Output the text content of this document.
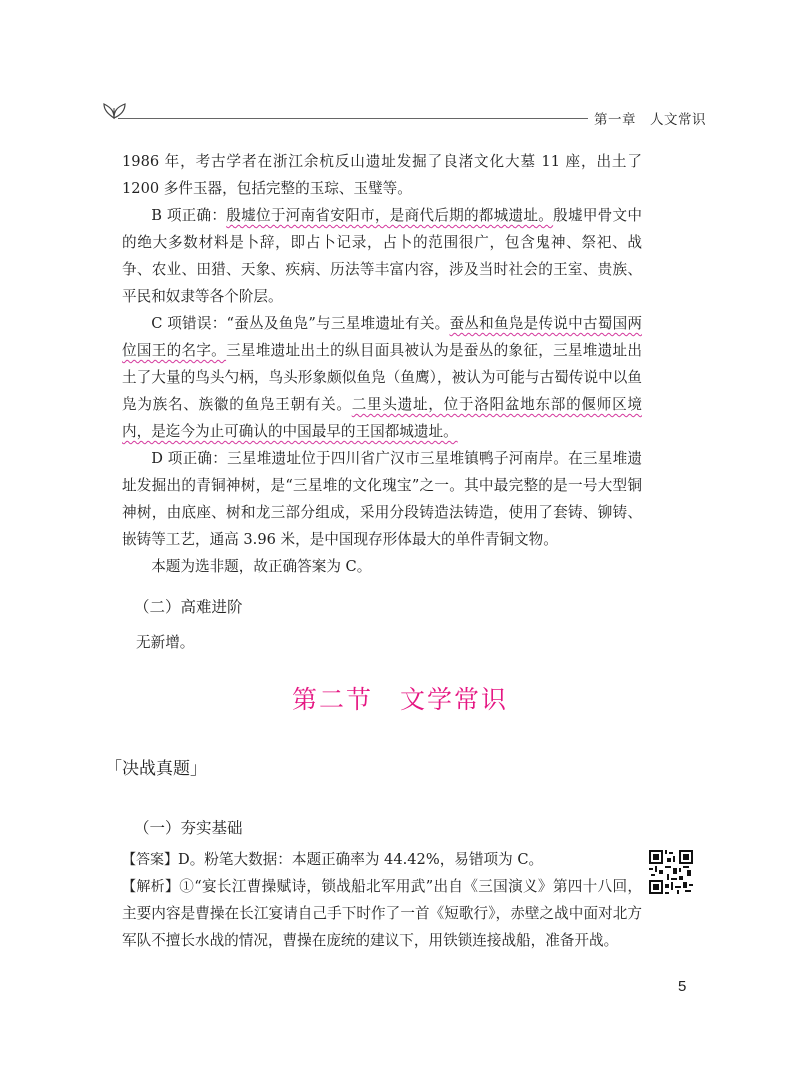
第一章　人文常识

1986 年，考古学者在浙江余杭反山遗址发掘了良渚文化大墓 11 座，出土了 1200 多件玉器，包括完整的玉琮、玉璧等。

B 项正确：殷墟位于河南省安阳市，是商代后期的都城遗址。殷墟甲骨文中的绝大多数材料是卜辞，即占卜记录，占卜的范围很广，包含鬼神、祭祀、战争、农业、田猎、天象、疾病、历法等丰富内容，涉及当时社会的王室、贵族、平民和奴隶等各个阶层。

C 项错误：“蚕丛及鱼凫”与三星堆遗址有关。蚕丛和鱼凫是传说中古蜀国两位国王的名字。三星堆遗址出土的纵目面具被认为是蚕丛的象征，三星堆遗址出土了大量的鸟头勺柄，鸟头形象颇似鱼凫（鱼鹰），被认为可能与古蜀传说中以鱼凫为族名、族徽的鱼凫王朝有关。二里头遗址，位于洛阳盆地东部的偃师区境内，是迄今为止可确认的中国最早的王国都城遗址。

D 项正确：三星堆遗址位于四川省广汉市三星堆镇鸭子河南岸。在三星堆遗址发掘出的青铜神树，是“三星堆的文化瑰宝”之一。其中最完整的是一号大型铜神树，由底座、树和龙三部分组成，采用分段铸造法铸造，使用了套铸、铆铸、嵌铸等工艺，通高 3.96 米，是中国现存形体最大的单件青铜文物。

本题为选非题，故正确答案为 C。

（二）高难进阶

无新增。

第二节　文学常识
「决战真题」
（一）夯实基础

【答案】D。粉笔大数据：本题正确率为 44.42%，易错项为 C。

【解析】①“宴长江曹操赋诗，锁战船北军用武”出自《三国演义》第四十八回，主要内容是曹操在长江宴请自己手下时作了一首《短歌行》，赤壁之战中面对北方军队不擅长水战的情况，曹操在庞统的建议下，用铁锁连接战船，准备开战。

5
